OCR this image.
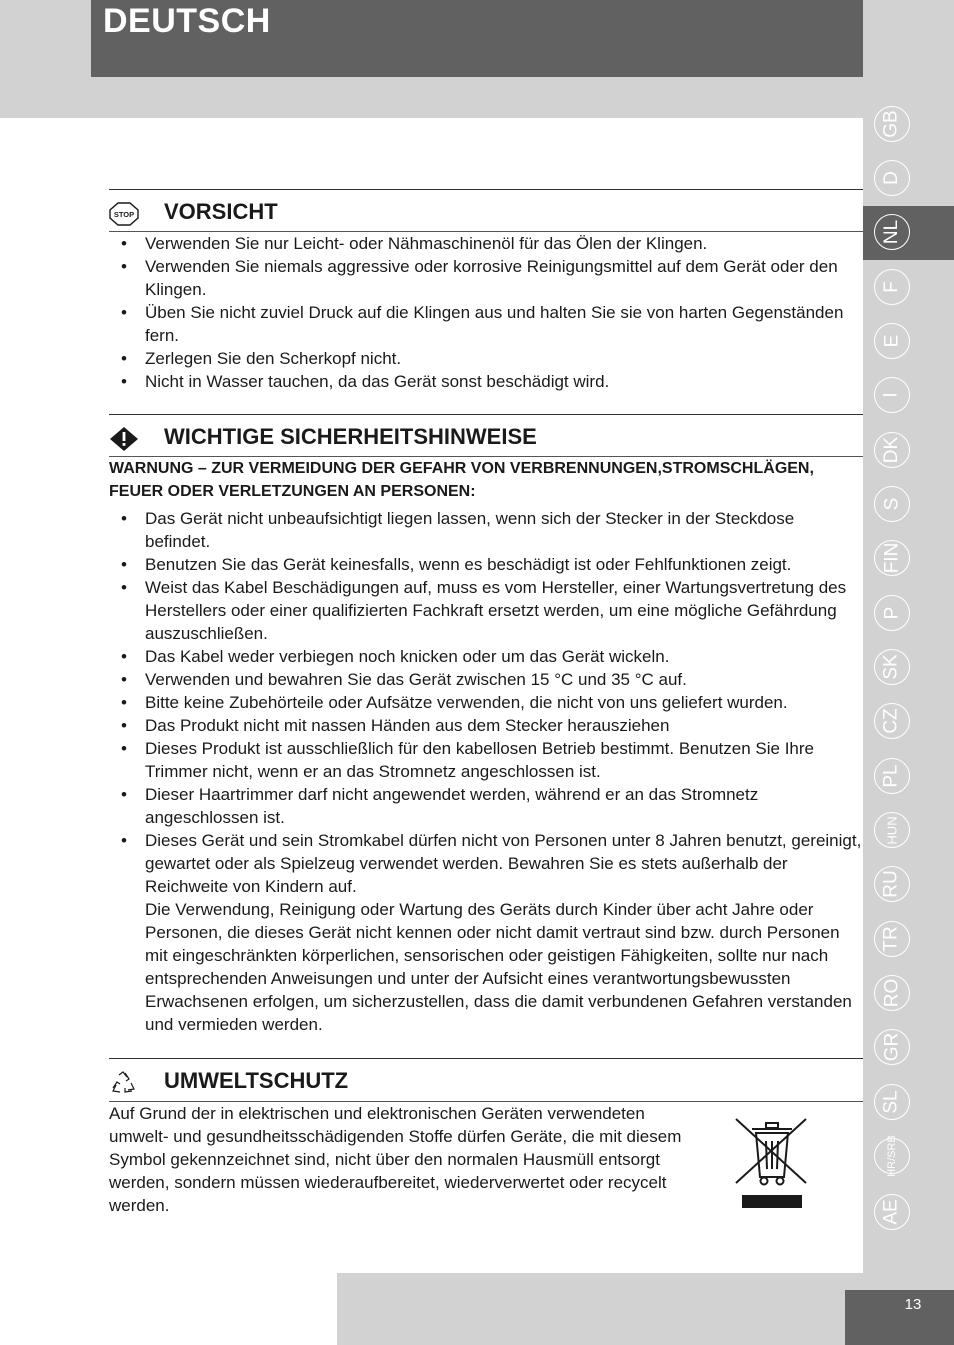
DEUTSCH
GB
D
NL
F
E
I
DK
S
FIN
P
SK
CZ
PL
HUN
RU
TR
RO
GR
SL
HR/SRB
AE
13
STOP VORSICHT
• Verwenden Sie nur Leicht- oder Nähmaschinenöl für das Ölen der Klingen.
• Verwenden Sie niemals aggressive oder korrosive Reinigungsmittel auf dem Gerät oder den Klingen.
• Üben Sie nicht zuviel Druck auf die Klingen aus und halten Sie sie von harten Gegenständen fern.
• Zerlegen Sie den Scherkopf nicht.
• Nicht in Wasser tauchen, da das Gerät sonst beschädigt wird.
WICHTIGE SICHERHEITSHINWEISE
WARNUNG – ZUR VERMEIDUNG DER GEFAHR VON VERBRENNUNGEN,STROMSCHLÄGEN, FEUER ODER VERLETZUNGEN AN PERSONEN:
• Das Gerät nicht unbeaufsichtigt liegen lassen, wenn sich der Stecker in der Steckdose befindet.
• Benutzen Sie das Gerät keinesfalls, wenn es beschädigt ist oder Fehlfunktionen zeigt.
• Weist das Kabel Beschädigungen auf, muss es vom Hersteller, einer Wartungsvertretung des Herstellers oder einer qualifizierten Fachkraft ersetzt werden, um eine mögliche Gefährdung auszuschließen.
• Das Kabel weder verbiegen noch knicken oder um das Gerät wickeln.
• Verwenden und bewahren Sie das Gerät zwischen 15 °C und 35 °C auf.
• Bitte keine Zubehörteile oder Aufsätze verwenden, die nicht von uns geliefert wurden.
• Das Produkt nicht mit nassen Händen aus dem Stecker herausziehen
• Dieses Produkt ist ausschließlich für den kabellosen Betrieb bestimmt. Benutzen Sie Ihre Trimmer nicht, wenn er an das Stromnetz angeschlossen ist.
• Dieser Haartrimmer darf nicht angewendet werden, während er an das Stromnetz angeschlossen ist.
• Dieses Gerät und sein Stromkabel dürfen nicht von Personen unter 8 Jahren benutzt, gereinigt, gewartet oder als Spielzeug verwendet werden. Bewahren Sie es stets außerhalb der Reichweite von Kindern auf.
Die Verwendung, Reinigung oder Wartung des Geräts durch Kinder über acht Jahre oder Personen, die dieses Gerät nicht kennen oder nicht damit vertraut sind bzw. durch Personen mit eingeschränkten körperlichen, sensorischen oder geistigen Fähigkeiten, sollte nur nach entsprechenden Anweisungen und unter der Aufsicht eines verantwortungsbewussten Erwachsenen erfolgen, um sicherzustellen, dass die damit verbundenen Gefahren verstanden und vermieden werden.
UMWELTSCHUTZ
Auf Grund der in elektrischen und elektronischen Geräten verwendeten umwelt- und gesundheitsschädigenden Stoffe dürfen Geräte, die mit diesem Symbol gekennzeichnet sind, nicht über den normalen Hausmüll entsorgt werden, sondern müssen wiederaufbereitet, wiederverwertet oder recycelt werden.
